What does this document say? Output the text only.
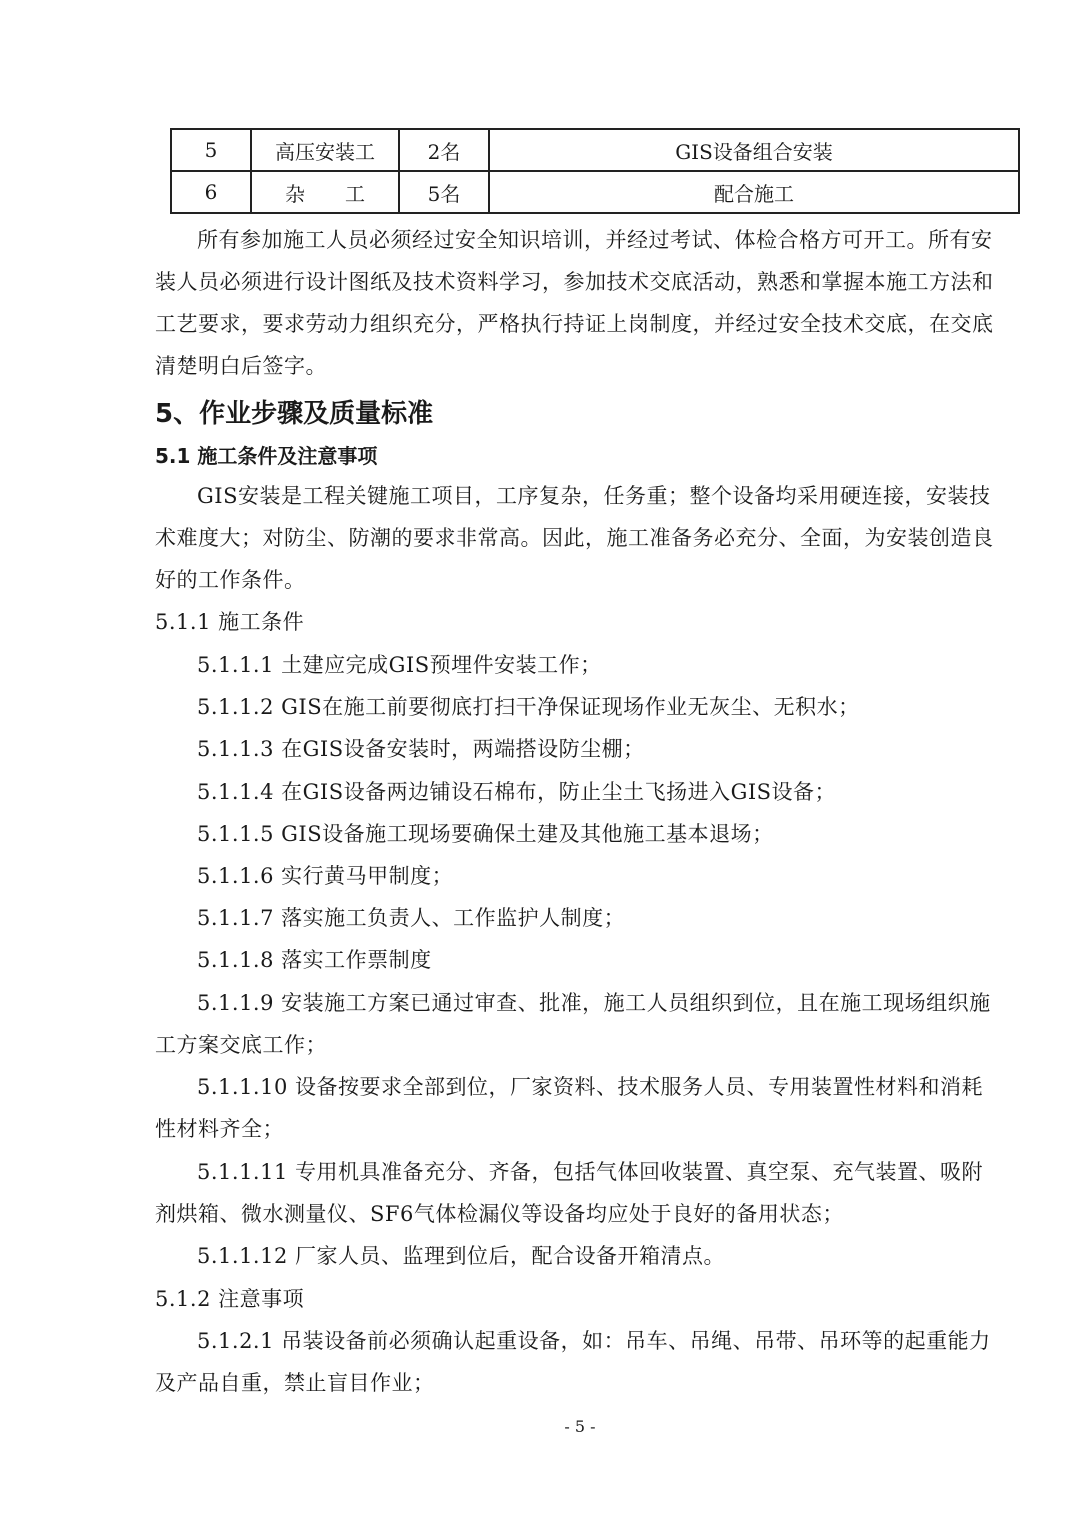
5	高压安装工	2名	GIS设备组合安装
6	杂　　工	5名	配合施工
所有参加施工人员必须经过安全知识培训，并经过考试、体检合格方可开工。所有安
装人员必须进行设计图纸及技术资料学习，参加技术交底活动，熟悉和掌握本施工方法和
工艺要求，要求劳动力组织充分，严格执行持证上岗制度，并经过安全技术交底，在交底
清楚明白后签字。
5、作业步骤及质量标准
5.1 施工条件及注意事项
GIS安装是工程关键施工项目，工序复杂，任务重；整个设备均采用硬连接，安装技
术难度大；对防尘、防潮的要求非常高。因此，施工准备务必充分、全面，为安装创造良
好的工作条件。
5.1.1 施工条件
5.1.1.1 土建应完成GIS预埋件安装工作；
5.1.1.2 GIS在施工前要彻底打扫干净保证现场作业无灰尘、无积水；
5.1.1.3 在GIS设备安装时，两端搭设防尘棚；
5.1.1.4 在GIS设备两边铺设石棉布，防止尘土飞扬进入GIS设备；
5.1.1.5 GIS设备施工现场要确保土建及其他施工基本退场；
5.1.1.6 实行黄马甲制度；
5.1.1.7 落实施工负责人、工作监护人制度；
5.1.1.8 落实工作票制度
5.1.1.9 安装施工方案已通过审查、批准，施工人员组织到位，且在施工现场组织施
工方案交底工作；
5.1.1.10 设备按要求全部到位，厂家资料、技术服务人员、专用装置性材料和消耗
性材料齐全；
5.1.1.11 专用机具准备充分、齐备，包括气体回收装置、真空泵、充气装置、吸附
剂烘箱、微水测量仪、SF6气体检漏仪等设备均应处于良好的备用状态；
5.1.1.12 厂家人员、监理到位后，配合设备开箱清点。
5.1.2 注意事项
5.1.2.1 吊装设备前必须确认起重设备，如：吊车、吊绳、吊带、吊环等的起重能力
及产品自重，禁止盲目作业；
- 5 -
